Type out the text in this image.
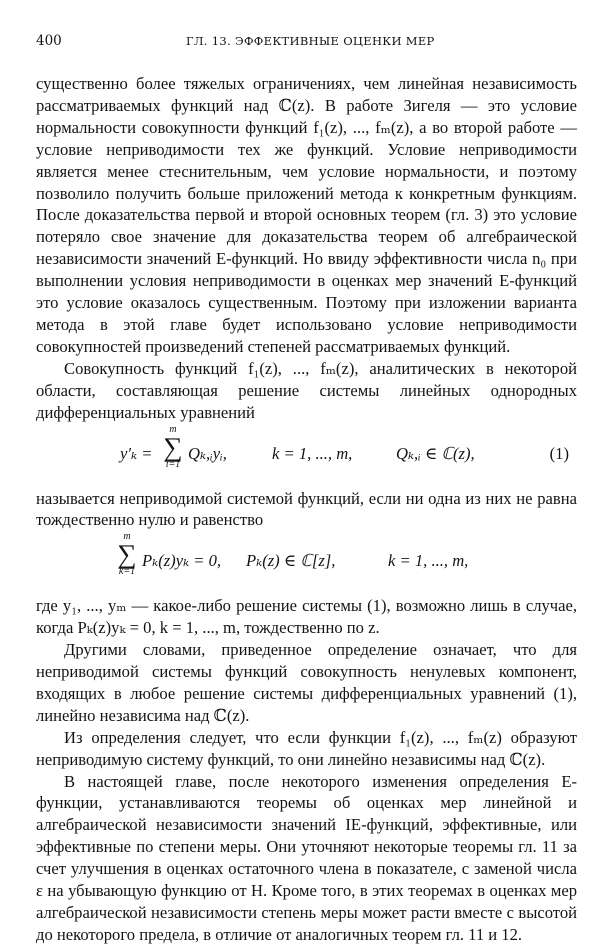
400	ГЛ. 13. ЭФФЕКТИВНЫЕ ОЦЕНКИ МЕР

существенно более тяжелых ограничениях, чем линейная независимость рассматриваемых функций над ℂ(z). В работе Зигеля — это условие нормальности совокупности функций f₁(z), ..., fₘ(z), а во второй работе — условие неприводимости тех же функций. Условие неприводимости является менее стеснительным, чем условие нормальности, и поэтому позволило получить больше приложений метода к конкретным функциям. После доказательства первой и второй основных теорем (гл. 3) это условие потеряло свое значение для доказательства теорем об алгебраической независимости значений E-функций. Но ввиду эффективности числа n₀ при выполнении условия неприводимости в оценках мер значений E-функций это условие оказалось существенным. Поэтому при изложении варианта метода в этой главе будет использовано условие неприводимости совокупностей произведений степеней рассматриваемых функций.

Совокупность функций f₁(z), ..., fₘ(z), аналитических в некоторой области, составляющая решение системы линейных однородных дифференциальных уравнений

y′ₖ =
m
∑
i=1
Qₖ,ᵢyᵢ,	k = 1, ..., m,	Qₖ,ᵢ ∈ ℂ(z),	(1)

называется неприводимой системой функций, если ни одна из них не равна тождественно нулю и равенство

m
∑
k=1
Pₖ(z)yₖ = 0, Pₖ(z) ∈ ℂ[z],	k = 1, ..., m,

где y₁, ..., yₘ — какое-либо решение системы (1), возможно лишь в случае, когда Pₖ(z)yₖ = 0, k = 1, ..., m, тождественно по z.

Другими словами, приведенное определение означает, что для неприводимой системы функций совокупность ненулевых компонент, входящих в любое решение системы дифференциальных уравнений (1), линейно независима над ℂ(z).

Из определения следует, что если функции f₁(z), ..., fₘ(z) образуют неприводимую систему функций, то они линейно независимы над ℂ(z).

В настоящей главе, после некоторого изменения определения E-функции, устанавливаются теоремы об оценках мер линейной и алгебраической независимости значений IE-функций, эффективные, или эффективные по степени меры. Они уточняют некоторые теоремы гл. 11 за счет улучшения в оценках остаточного члена в показателе, с заменой числа ε на убывающую функцию от H. Кроме того, в этих теоремах в оценках мер алгебраической независимости степень меры может расти вместе с высотой до некоторого предела, в отличие от аналогичных теорем гл. 11 и 12.
